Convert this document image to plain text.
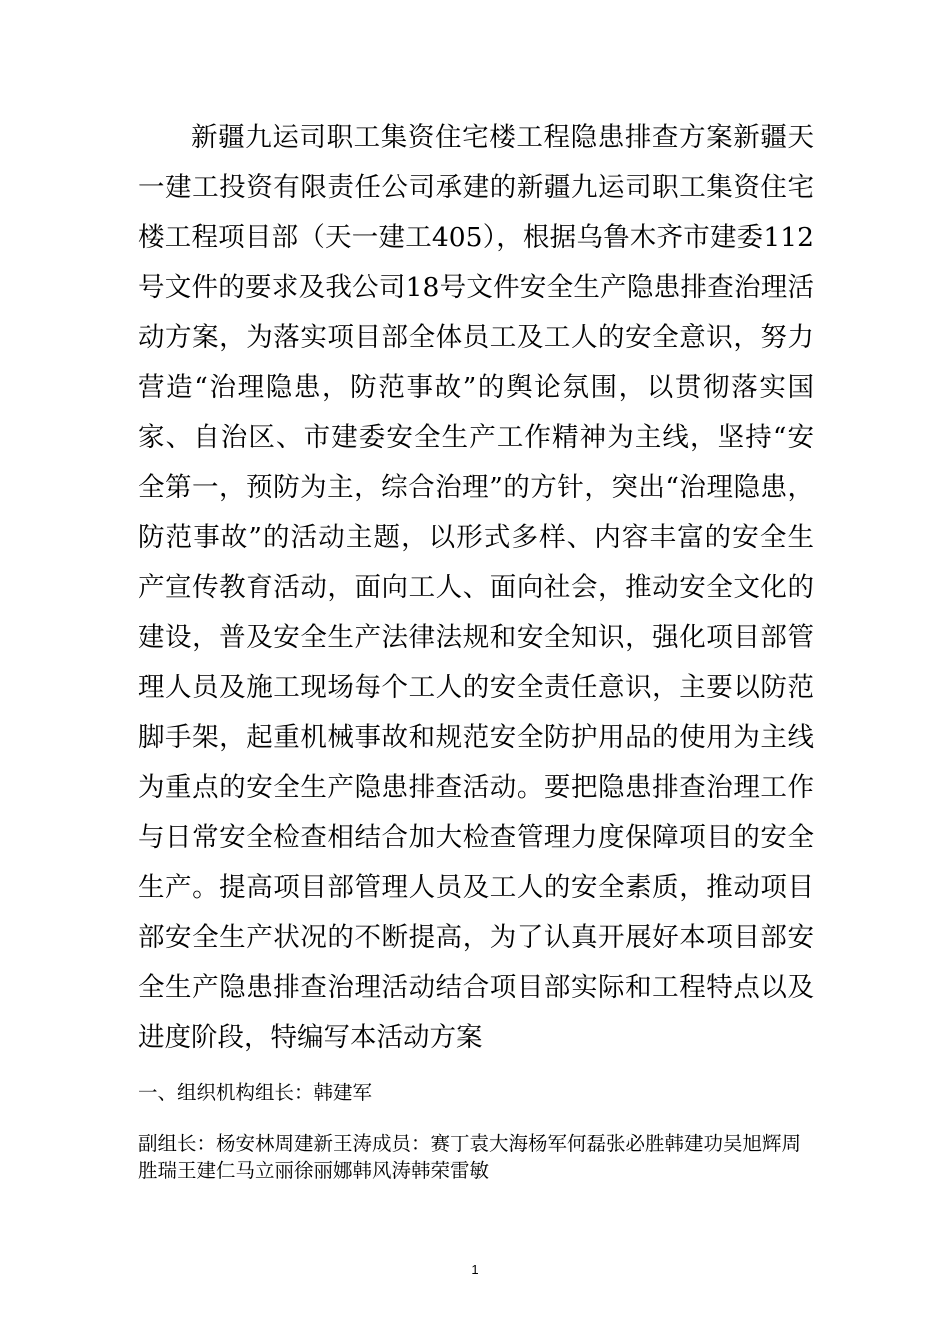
新疆九运司职工集资住宅楼工程隐患排查方案新疆天一建工投资有限责任公司承建的新疆九运司职工集资住宅楼工程项目部（天一建工405），根据乌鲁木齐市建委112号文件的要求及我公司18号文件安全生产隐患排查治理活动方案，为落实项目部全体员工及工人的安全意识，努力营造“治理隐患，防范事故”的舆论氛围，以贯彻落实国家、自治区、市建委安全生产工作精神为主线，坚持“安全第一，预防为主，综合治理”的方针，突出“治理隐患，防范事故”的活动主题，以形式多样、内容丰富的安全生产宣传教育活动，面向工人、面向社会，推动安全文化的建设，普及安全生产法律法规和安全知识，强化项目部管理人员及施工现场每个工人的安全责任意识，主要以防范脚手架，起重机械事故和规范安全防护用品的使用为主线为重点的安全生产隐患排查活动。要把隐患排查治理工作与日常安全检查相结合加大检查管理力度保障项目的安全生产。提高项目部管理人员及工人的安全素质，推动项目部安全生产状况的不断提高，为了认真开展好本项目部安全生产隐患排查治理活动结合项目部实际和工程特点以及进度阶段，特编写本活动方案

一、组织机构组长：韩建军

副组长：杨安林周建新王涛成员：赛丁袁大海杨军何磊张必胜韩建功吴旭辉周胜瑞王建仁马立丽徐丽娜韩风涛韩荣雷敏

1
